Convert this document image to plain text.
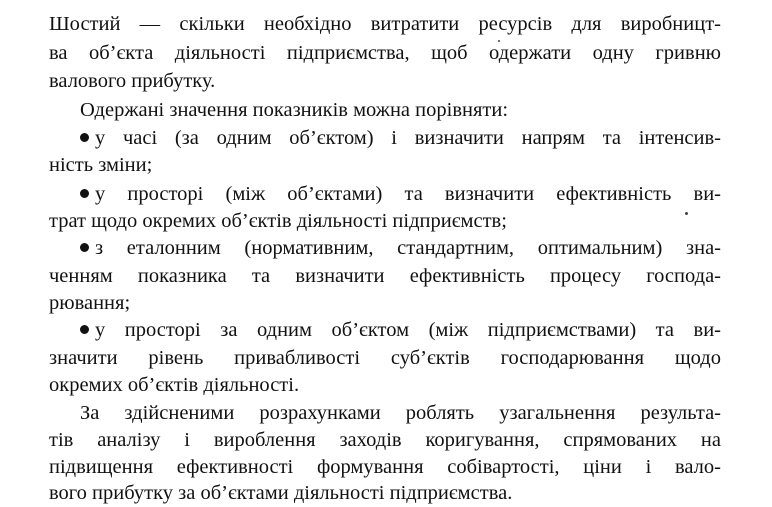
Шостий — скільки необхідно витратити ресурсів для виробницт-
ва об’єкта діяльності підприємства, щоб одержати одну гривню
валового прибутку.
Одержані значення показників можна порівняти:
у часі (за одним об’єктом) і визначити напрям та інтенсив-
ність зміни;
у просторі (між об’єктами) та визначити ефективність ви-
трат щодо окремих об’єктів діяльності підприємств;
з еталонним (нормативним, стандартним, оптимальним) зна-
ченням показника та визначити ефективність процесу господа-
рювання;
у просторі за одним об’єктом (між підприємствами) та ви-
значити рівень привабливості суб’єктів господарювання щодо
окремих об’єктів діяльності.
За здійсненими розрахунками роблять узагальнення результа-
тів аналізу і вироблення заходів коригування, спрямованих на
підвищення ефективності формування собівартості, ціни і вало-
вого прибутку за об’єктами діяльності підприємства.
